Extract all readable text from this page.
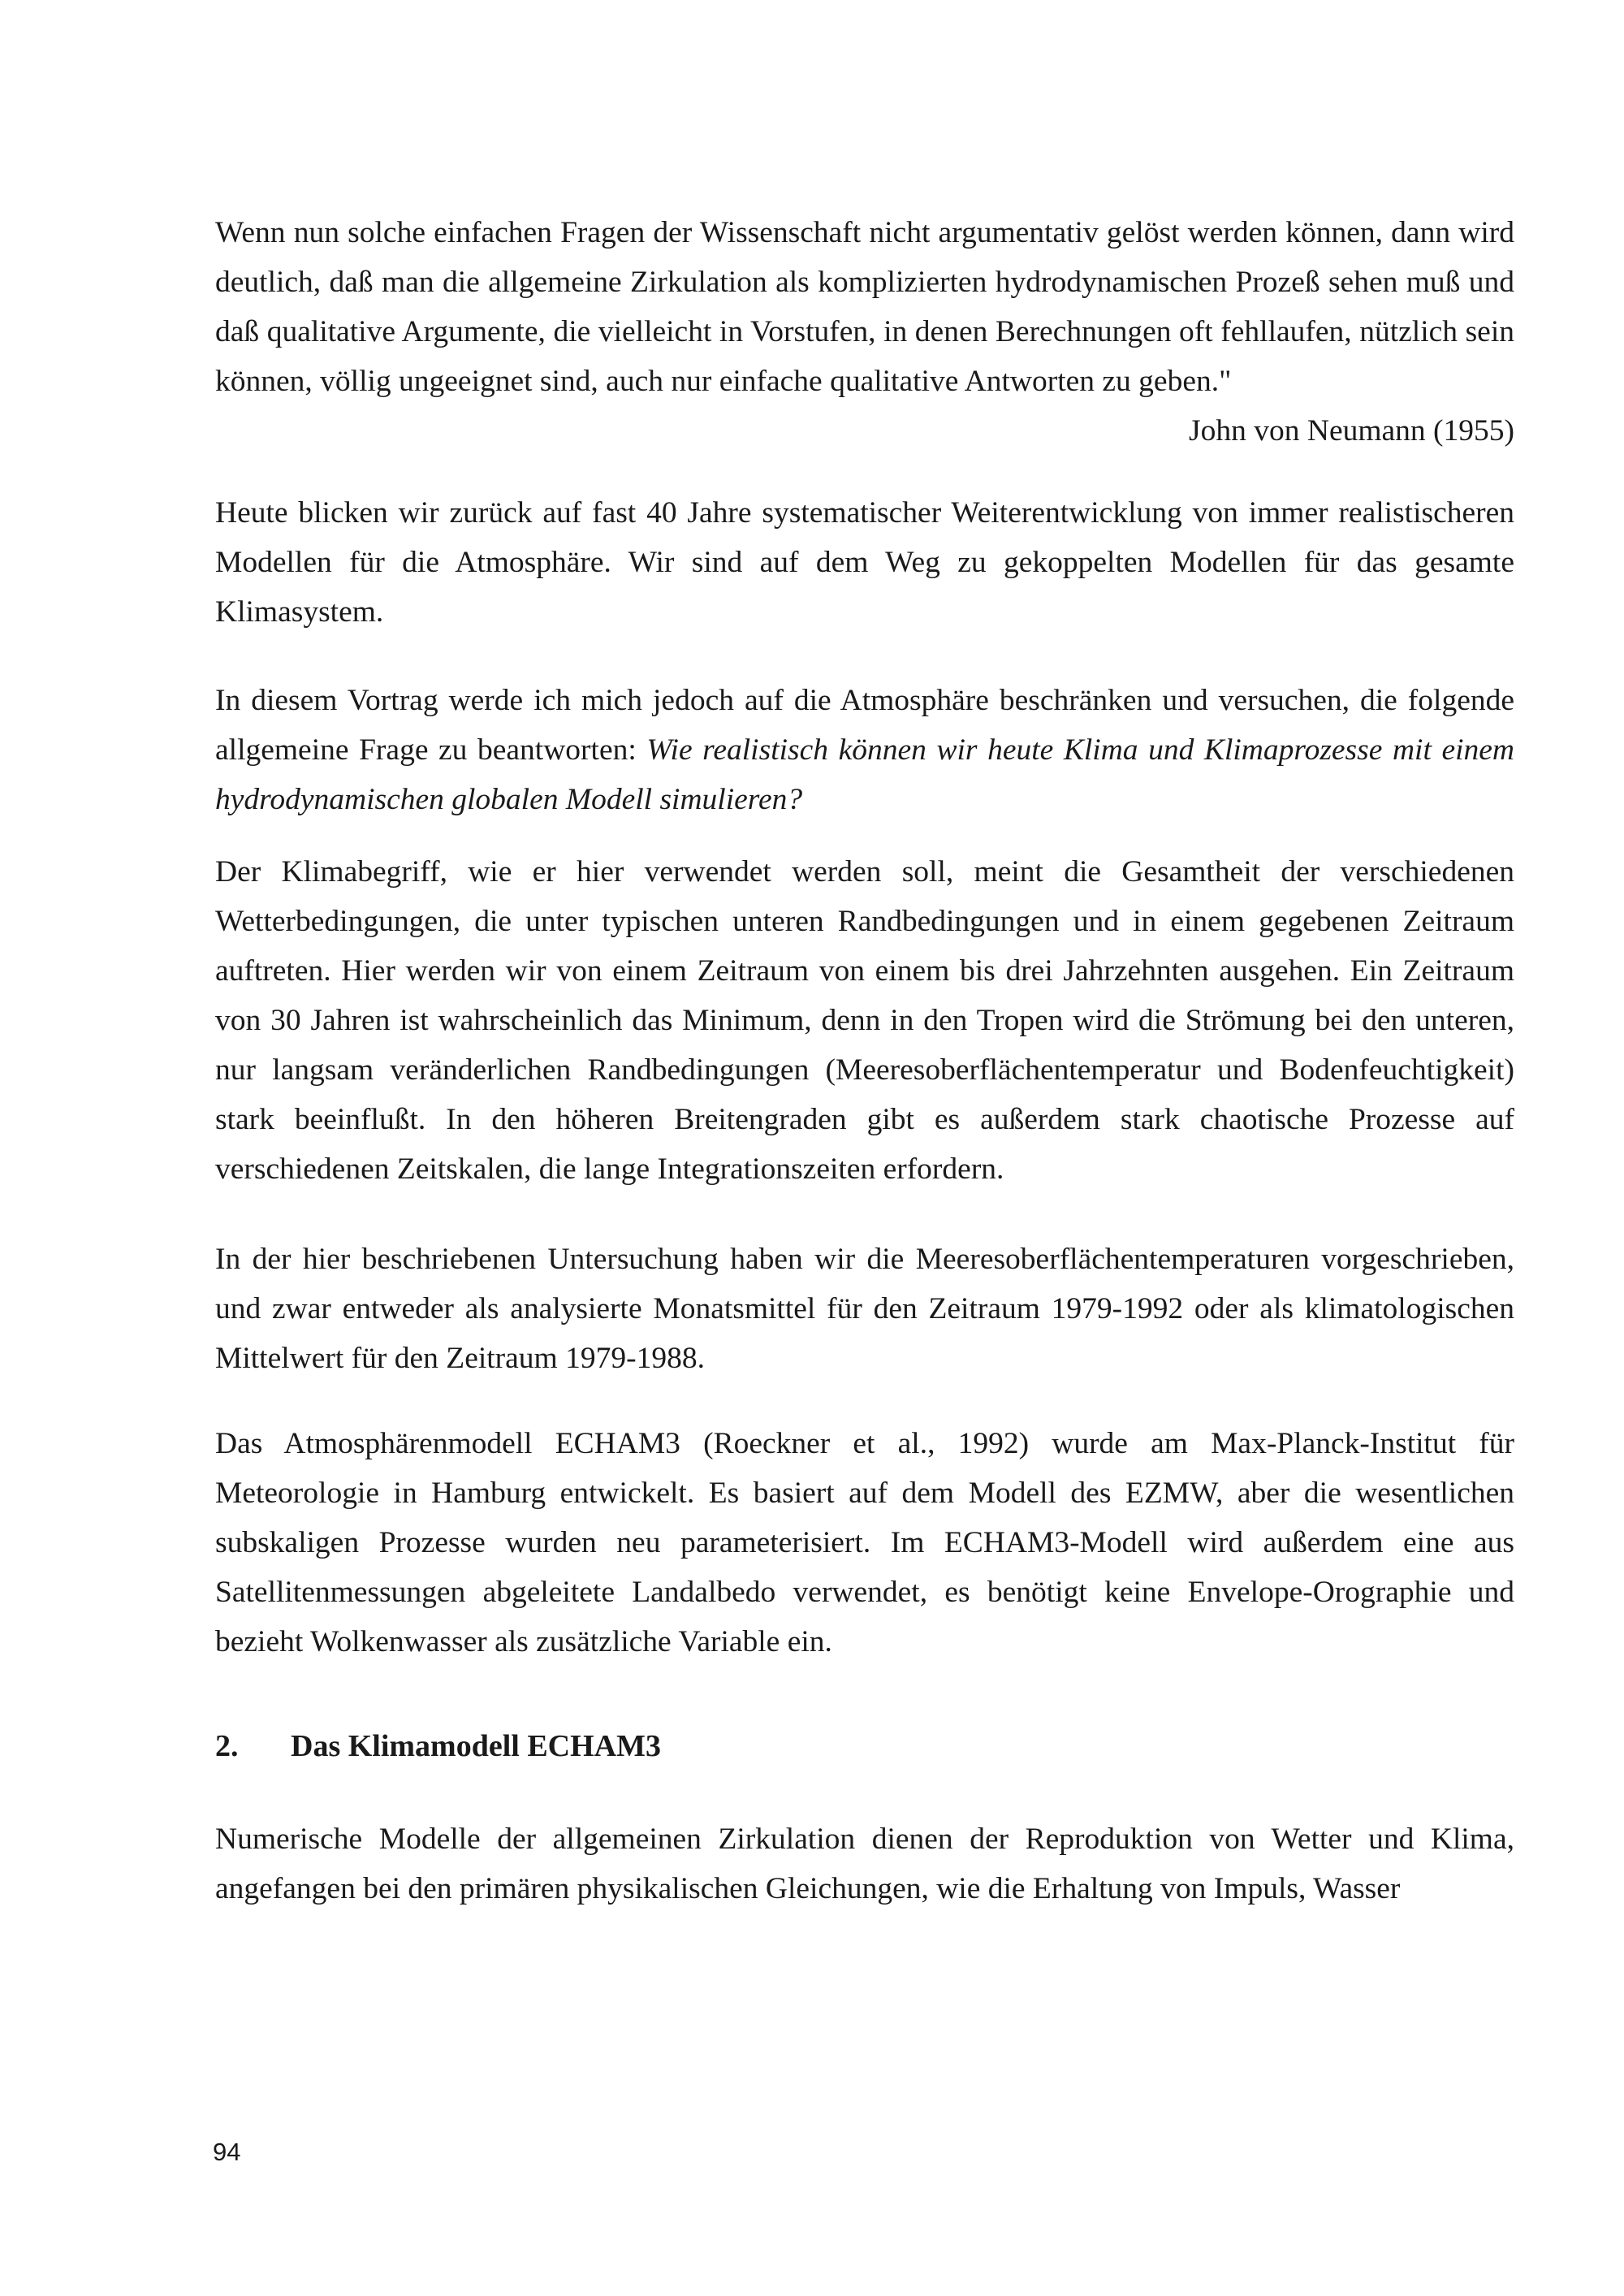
Wenn nun solche einfachen Fragen der Wissenschaft nicht argumentativ gelöst werden können, dann wird deutlich, daß man die allgemeine Zirkulation als komplizierten hydrodynamischen Prozeß sehen muß und daß qualitative Argumente, die vielleicht in Vorstufen, in denen Berechnungen oft fehllaufen, nützlich sein können, völlig ungeeignet sind, auch nur einfache qualitative Antworten zu geben."
John von Neumann (1955)

Heute blicken wir zurück auf fast 40 Jahre systematischer Weiterentwicklung von immer realistischeren Modellen für die Atmosphäre. Wir sind auf dem Weg zu gekoppelten Modellen für das gesamte Klimasystem.

In diesem Vortrag werde ich mich jedoch auf die Atmosphäre beschränken und versuchen, die folgende allgemeine Frage zu beantworten: Wie realistisch können wir heute Klima und Klimaprozesse mit einem hydrodynamischen globalen Modell simulieren?

Der Klimabegriff, wie er hier verwendet werden soll, meint die Gesamtheit der verschiedenen Wetterbedingungen, die unter typischen unteren Randbedingungen und in einem gegebenen Zeitraum auftreten. Hier werden wir von einem Zeitraum von einem bis drei Jahrzehnten ausgehen. Ein Zeitraum von 30 Jahren ist wahrscheinlich das Minimum, denn in den Tropen wird die Strömung bei den unteren, nur langsam veränderlichen Randbedingungen (Meeresoberflächentemperatur und Bodenfeuchtigkeit) stark beeinflußt. In den höheren Breitengraden gibt es außerdem stark chaotische Prozesse auf verschiedenen Zeitskalen, die lange Integrationszeiten erfordern.

In der hier beschriebenen Untersuchung haben wir die Meeresoberflächentemperaturen vorgeschrieben, und zwar entweder als analysierte Monatsmittel für den Zeitraum 1979-1992 oder als klimatologischen Mittelwert für den Zeitraum 1979-1988.

Das Atmosphärenmodell ECHAM3 (Roeckner et al., 1992) wurde am Max-Planck-Institut für Meteorologie in Hamburg entwickelt. Es basiert auf dem Modell des EZMW, aber die wesentlichen subskaligen Prozesse wurden neu parameterisiert. Im ECHAM3-Modell wird außerdem eine aus Satellitenmessungen abgeleitete Landalbedo verwendet, es benötigt keine Envelope-Orographie und bezieht Wolkenwasser als zusätzliche Variable ein.

2. Das Klimamodell ECHAM3

Numerische Modelle der allgemeinen Zirkulation dienen der Reproduktion von Wetter und Klima, angefangen bei den primären physikalischen Gleichungen, wie die Erhaltung von Impuls, Wasser

94
